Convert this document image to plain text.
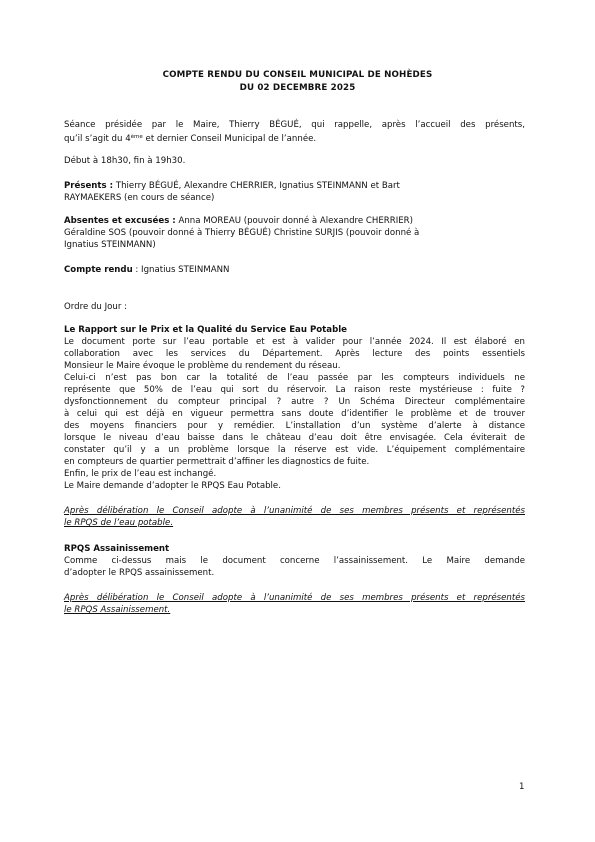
COMPTE RENDU DU CONSEIL MUNICIPAL DE NOHÈDES
DU 02 DECEMBRE 2025
Séance présidée par le Maire, Thierry BÉGUÉ, qui rappelle, après l’accueil des présents,
qu’il s’agit du 4ème et dernier Conseil Municipal de l’année.
Début à 18h30, fin à 19h30.
Présents : Thierry BÉGUÉ, Alexandre CHERRIER, Ignatius STEINMANN et Bart
RAYMAEKERS (en cours de séance)
Absentes et excusées : Anna MOREAU (pouvoir donné à Alexandre CHERRIER)
Géraldine SOS (pouvoir donné à Thierry BÉGUÉ) Christine SURJIS (pouvoir donné à
Ignatius STEINMANN)
Compte rendu : Ignatius STEINMANN
Ordre du Jour :
Le Rapport sur le Prix et la Qualité du Service Eau Potable
Le document porte sur l’eau portable et est à valider pour l’année 2024. Il est élaboré en
collaboration avec les services du Département. Après lecture des points essentiels
Monsieur le Maire évoque le problème du rendement du réseau.
Celui-ci n’est pas bon car la totalité de l’eau passée par les compteurs individuels ne
représente que 50% de l’eau qui sort du réservoir. La raison reste mystérieuse : fuite ?
dysfonctionnement du compteur principal ? autre ? Un Schéma Directeur complémentaire
à celui qui est déjà en vigueur permettra sans doute d’identifier le problème et de trouver
des moyens financiers pour y remédier. L’installation d’un système d’alerte à distance
lorsque le niveau d’eau baisse dans le château d’eau doit être envisagée. Cela éviterait de
constater qu’il y a un problème lorsque la réserve est vide. L’équipement complémentaire
en compteurs de quartier permettrait d’affiner les diagnostics de fuite.
Enfin, le prix de l’eau est inchangé.
Le Maire demande d’adopter le RPQS Eau Potable.
Après délibération le Conseil adopte à l’unanimité de ses membres présents et représentés
le RPQS de l’eau potable.
RPQS Assainissement
Comme ci-dessus mais le document concerne l’assainissement. Le Maire demande
d’adopter le RPQS assainissement.
Après délibération le Conseil adopte à l’unanimité de ses membres présents et représentés
le RPQS Assainissement.
1
